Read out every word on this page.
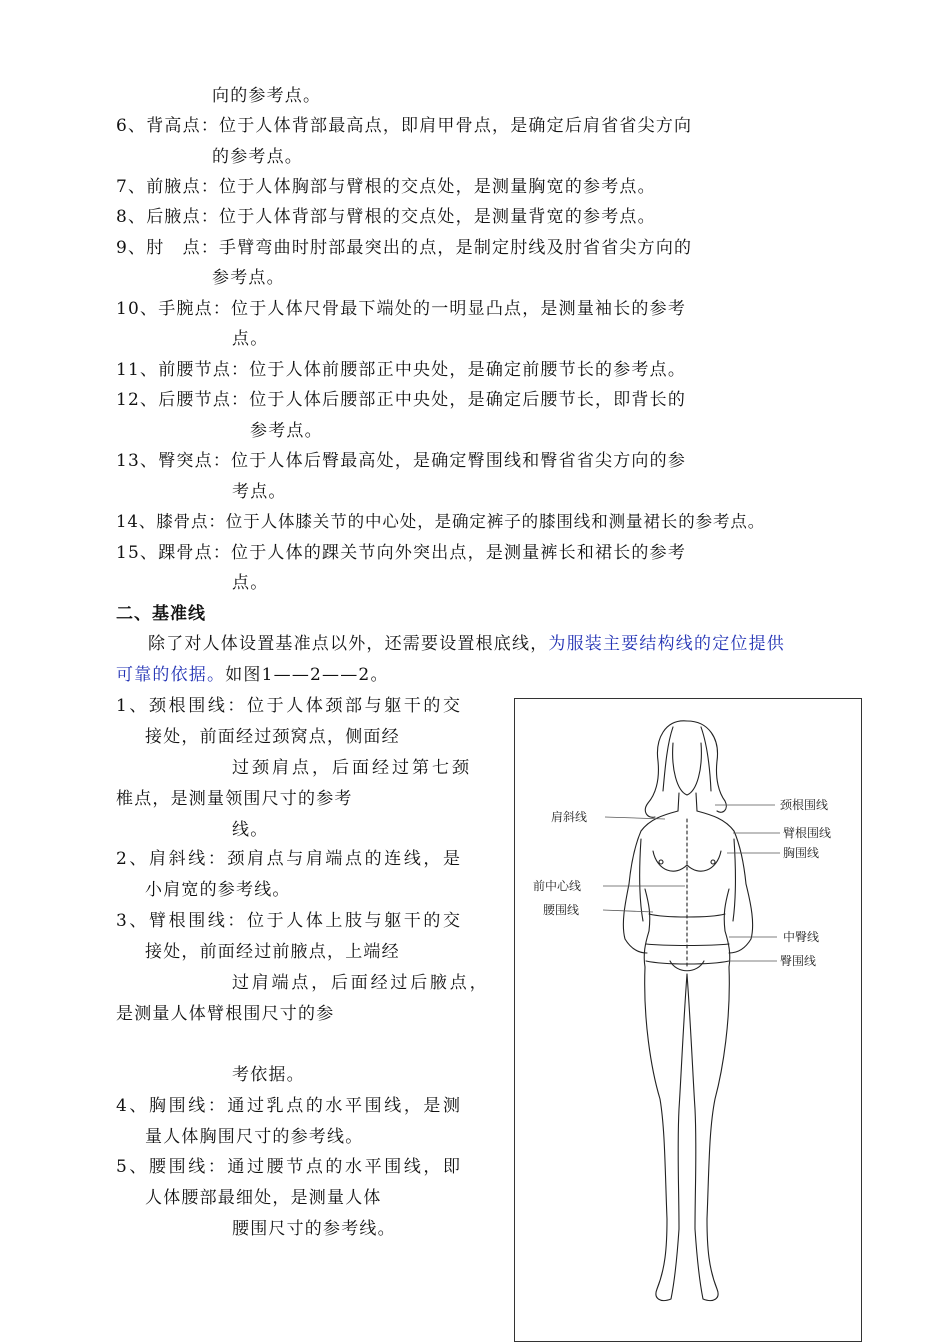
向的参考点。
6、背高点：位于人体背部最高点，即肩甲骨点，是确定后肩省省尖方向
的参考点。
7、前腋点：位于人体胸部与臂根的交点处，是测量胸宽的参考点。
8、后腋点：位于人体背部与臂根的交点处，是测量背宽的参考点。
9、肘　点：手臂弯曲时肘部最突出的点，是制定肘线及肘省省尖方向的
参考点。
10、手腕点：位于人体尺骨最下端处的一明显凸点，是测量袖长的参考
点。
11、前腰节点：位于人体前腰部正中央处，是确定前腰节长的参考点。
12、后腰节点：位于人体后腰部正中央处，是确定后腰节长，即背长的
参考点。
13、臀突点：位于人体后臀最高处，是确定臀围线和臀省省尖方向的参
考点。
14、膝骨点：位于人体膝关节的中心处，是确定裤子的膝围线和测量裙长的参考点。
15、踝骨点：位于人体的踝关节向外突出点，是测量裤长和裙长的参考
点。
二、基准线
除了对人体设置基准点以外，还需要设置根底线，为服装主要结构线的定位提供
可靠的依据。如图1——2——2。
1、颈根围线：位于人体颈部与躯干的交
接处，前面经过颈窝点，侧面经
过颈肩点，后面经过第七颈
椎点，是测量领围尺寸的参考
线。
2、肩斜线：颈肩点与肩端点的连线，是
小肩宽的参考线。
3、臂根围线：位于人体上肢与躯干的交
接处，前面经过前腋点，上端经
过肩端点，后面经过后腋点，
是测量人体臂根围尺寸的参
考依据。
4、胸围线：通过乳点的水平围线，是测
量人体胸围尺寸的参考线。
5、腰围线：通过腰节点的水平围线，即
人体腰部最细处，是测量人体
腰围尺寸的参考线。
肩斜线
颈根围线
臂根围线
胸围线
前中心线
腰围线
中臀线
臀围线
